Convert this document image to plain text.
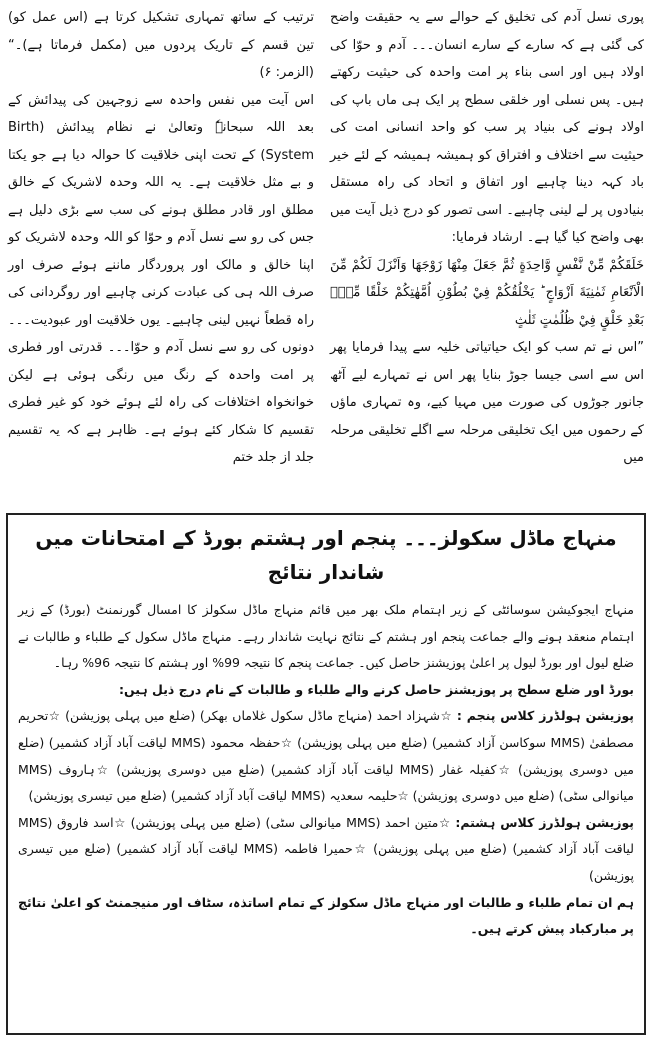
پوری نسل آدم کی تخلیق کے حوالے سے یہ حقیقت واضح کی گئی ہے کہ سارے کے سارے انسان۔۔۔ آدم و حوّا کی اولاد ہیں اور اسی بناء پر امت واحدہ کی حیثیت رکھتے ہیں۔ پس نسلی اور خلقی سطح پر ایک ہی ماں باپ کی اولاد ہونے کی بنیاد پر سب کو واحد انسانی امت کی حیثیت سے اختلاف و افتراق کو ہمیشہ ہمیشہ کے لئے خیر باد کہہ دینا چاہیے اور اتفاق و اتحاد کی راہ مستقل بنیادوں پر لے لینی چاہیے۔ اسی تصور کو درج ذیل آیت میں بھی واضح کیا گیا ہے۔ ارشاد فرمایا:

خَلَقَكُمْ مِّنْ نَّفْسٍ وَّاحِدَةٍ ثُمَّ جَعَلَ مِنْهَا زَوْجَهَا وَاَنْزَلَ لَكُمْ مِّنَ الْاَنْعَامِ ثَمٰنِيَةَ اَزْوَاجٍ ؕ يَخْلُقُكُمْ فِيْ بُطُوْنِ اُمَّهٰتِكُمْ خَلْقًا مِّنْۢ بَعْدِ خَلْقٍ فِيْ ظُلُمٰتٍ ثَلٰثٍ

”اس نے تم سب کو ایک حیاتیاتی خلیہ سے پیدا فرمایا پھر اس سے اسی جیسا جوڑ بنایا پھر اس نے تمہارے لیے آٹھ جانور جوڑوں کی صورت میں مہیا کیے، وہ تمہاری ماؤں کے رحموں میں ایک تخلیقی مرحلہ سے اگلے تخلیقی مرحلہ میں

ترتیب کے ساتھ تمہاری تشکیل کرتا ہے (اس عمل کو) تین قسم کے تاریک پردوں میں (مکمل فرماتا ہے)۔“ (الزمر: ۶)

اس آیت میں نفس واحدہ سے زوجہین کی پیدائش کے بعد اللہ سبحانہٗ وتعالیٰ نے نظام پیدائش (Birth System) کے تحت اپنی خلاقیت کا حوالہ دیا ہے جو یکتا و بے مثل خلاقیت ہے۔ یہ اللہ وحدہ لاشریک کے خالق مطلق اور قادر مطلق ہونے کی سب سے بڑی دلیل ہے جس کی رو سے نسل آدم و حوّا کو اللہ وحدہ لاشریک کو اپنا خالق و مالک اور پروردگار ماننے ہوئے صرف اور صرف اللہ ہی کی عبادت کرنی چاہیے اور روگردانی کی راہ قطعاً نہیں لینی چاہیے۔ یوں خلاقیت اور عبودیت۔۔۔ دونوں کی رو سے نسل آدم و حوّا۔۔۔ قدرتی اور فطری پر امت واحدہ کے رنگ میں رنگی ہوئی ہے لیکن خوانخواہ اختلافات کی راہ لئے ہوئے خود کو غیر فطری تقسیم کا شکار کئے ہوئے ہے۔ ظاہر ہے کہ یہ تقسیم جلد از جلد ختم

منہاج ماڈل سکولز۔۔۔ پنجم اور ہشتم بورڈ کے امتحانات میں شاندار نتائج

منہاج ایجوکیشن سوسائٹی کے زیر اہتمام ملک بھر میں قائم منہاج ماڈل سکولز کا امسال گورنمنٹ (بورڈ) کے زیر اہتمام منعقد ہونے والے جماعت پنجم اور ہشتم کے نتائج نہایت شاندار رہے۔ منہاج ماڈل سکول کے طلباء و طالبات نے ضلع لیول اور بورڈ لیول پر اعلیٰ پوزیشنز حاصل کیں۔ جماعت پنجم کا نتیجہ 99% اور ہشتم کا نتیجہ 96% رہا۔

بورڈ اور ضلع سطح پر پوزیشنز حاصل کرنے والے طلباء و طالبات کے نام درج ذیل ہیں:

پوزیشن ہولڈرز کلاس پنجم : ☆شہزاد احمد (منہاج ماڈل سکول غلاماں بھکر) (ضلع میں پہلی پوزیشن) ☆تحریم مصطفیٰ (MMS سوکاسن آزاد کشمیر) (ضلع میں پہلی پوزیشن) ☆حفظہ محمود (MMS لیاقت آباد آزاد کشمیر) (ضلع میں دوسری پوزیشن) ☆کفیلہ غفار (MMS لیاقت آباد آزاد کشمیر) (ضلع میں دوسری پوزیشن) ☆ہاروف (MMS میانوالی سٹی) (ضلع میں دوسری پوزیشن) ☆حلیمہ سعدیہ (MMS لیاقت آباد آزاد کشمیر) (ضلع میں تیسری پوزیشن)

پوزیشن ہولڈرز کلاس ہشتم: ☆متین احمد (MMS میانوالی سٹی) (ضلع میں پہلی پوزیشن) ☆اسد فاروق (MMS لیاقت آباد آزاد کشمیر) (ضلع میں پہلی پوزیشن) ☆حمیرا فاطمہ (MMS لیاقت آباد آزاد کشمیر) (ضلع میں تیسری پوزیشن)

ہم ان تمام طلباء و طالبات اور منہاج ماڈل سکولز کے تمام اساتذہ، سٹاف اور منیجمنٹ کو اعلیٰ نتائج پر مبارکباد پیش کرتے ہیں۔
